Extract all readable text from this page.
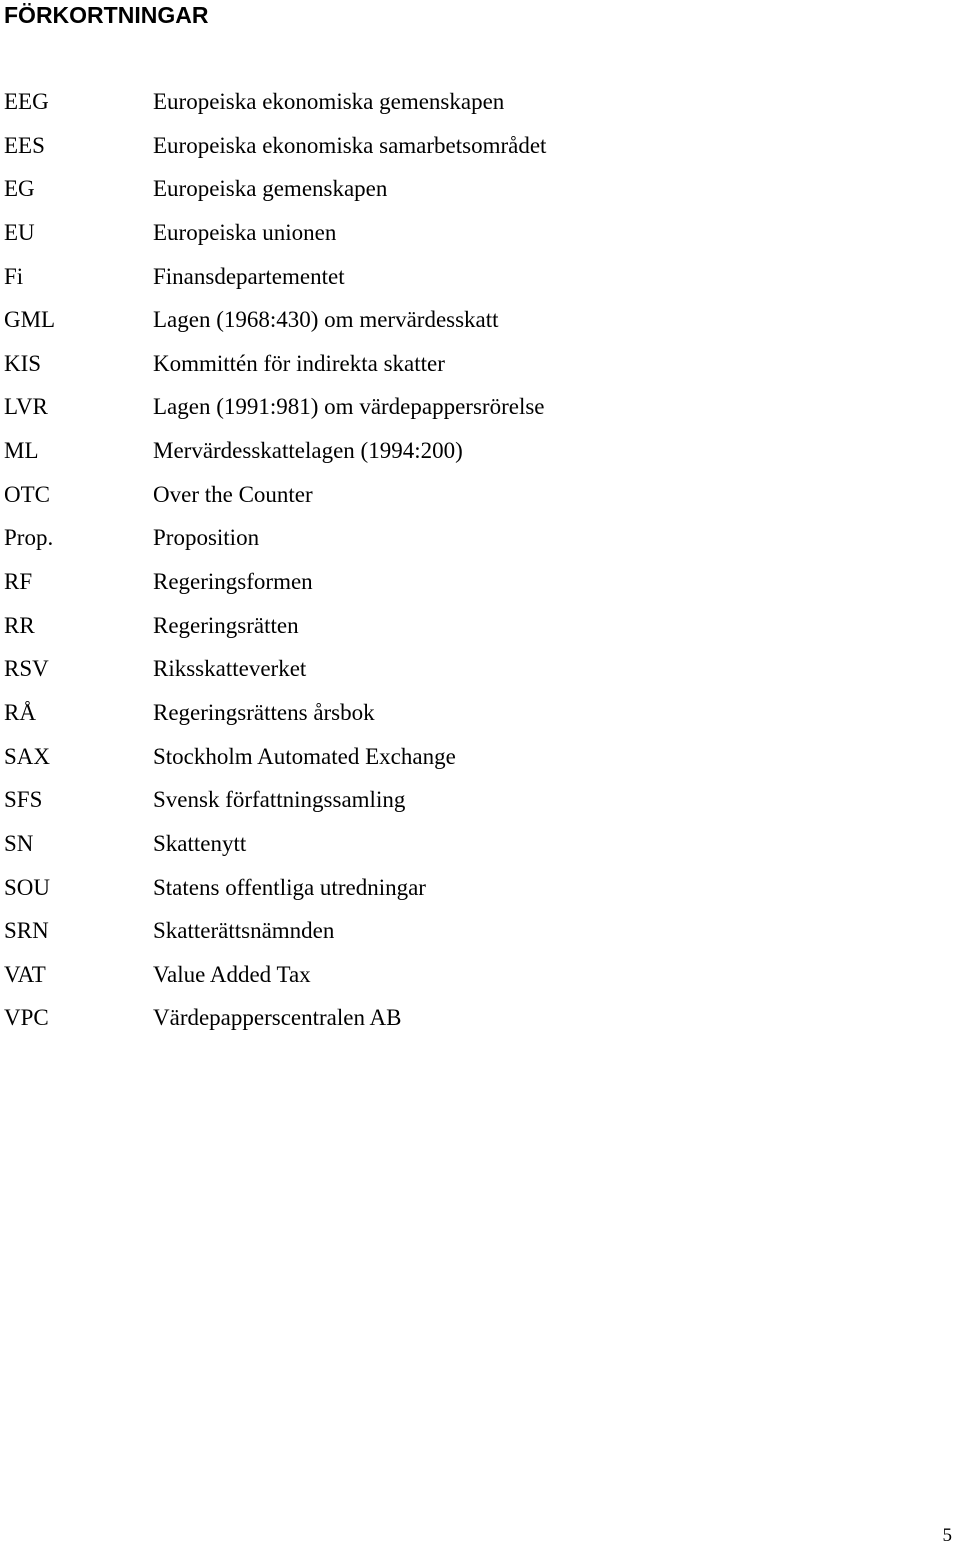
FÖRKORTNINGAR
EEG	Europeiska ekonomiska gemenskapen
EES	Europeiska ekonomiska samarbetsområdet
EG	Europeiska gemenskapen
EU	Europeiska unionen
Fi	Finansdepartementet
GML	Lagen (1968:430) om mervärdesskatt
KIS	Kommittén för indirekta skatter
LVR	Lagen (1991:981) om värdepappersrörelse
ML	Mervärdesskattelagen (1994:200)
OTC	Over the Counter
Prop.	Proposition
RF	Regeringsformen
RR	Regeringsrätten
RSV	Riksskatteverket
RÅ	Regeringsrättens årsbok
SAX	Stockholm Automated Exchange
SFS	Svensk författningssamling
SN	Skattenytt
SOU	Statens offentliga utredningar
SRN	Skatterättsnämnden
VAT	Value Added Tax
VPC	Värdepapperscentralen AB
5
